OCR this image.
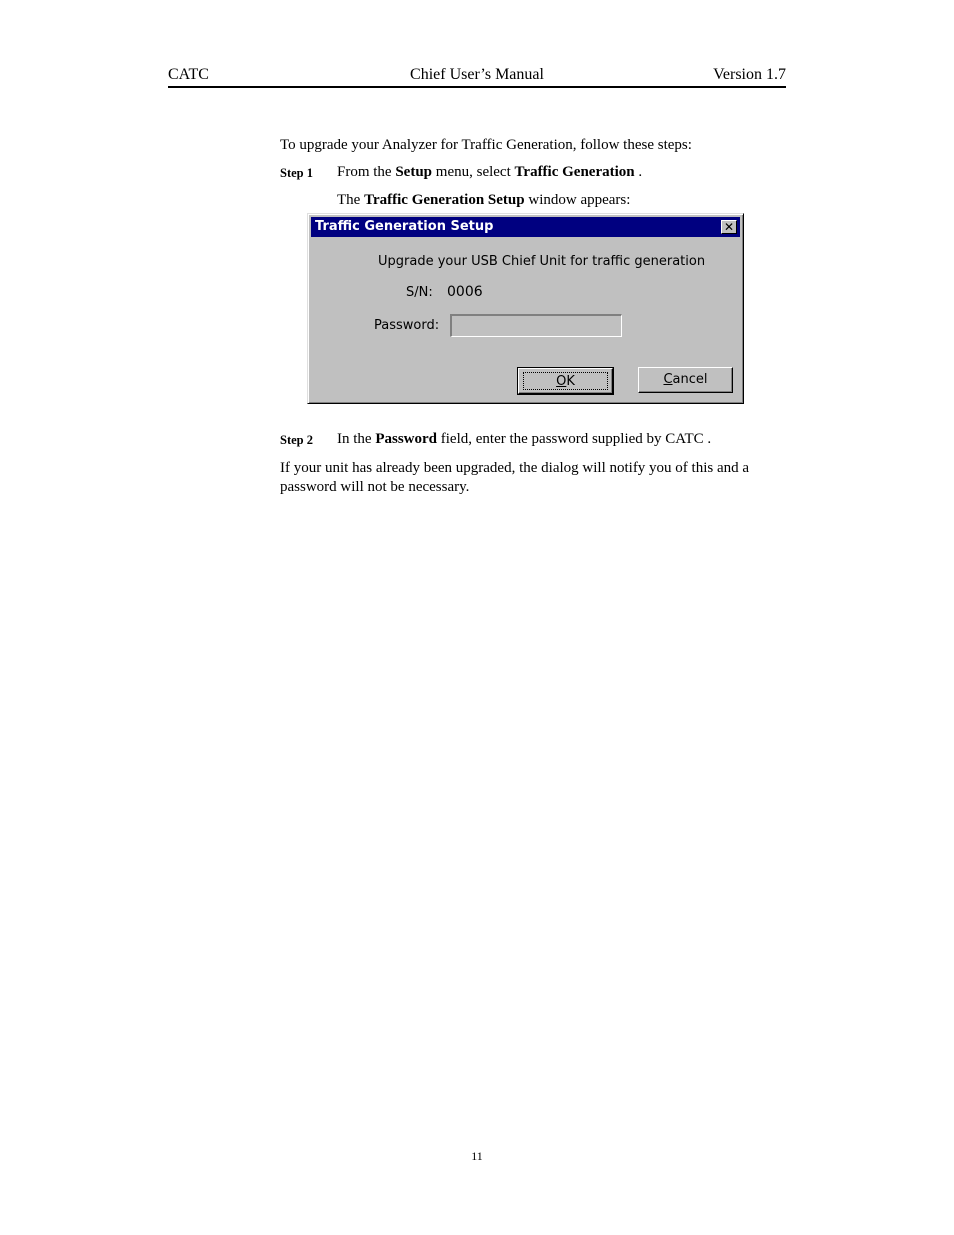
CATC	Chief User’s Manual	Version 1.7
To upgrade your Analyzer for Traffic Generation, follow these steps:
Step 1 From the Setup menu, select Traffic Generation .
The Traffic Generation Setup window appears:
Traffic Generation Setup	✕
Upgrade your USB Chief Unit for traffic generation
S/N: 0006
Password:
OK	Cancel
Step 2 In the Password field, enter the password supplied by CATC .
If your unit has already been upgraded, the dialog will notify you of this and a
password will not be necessary.
11
